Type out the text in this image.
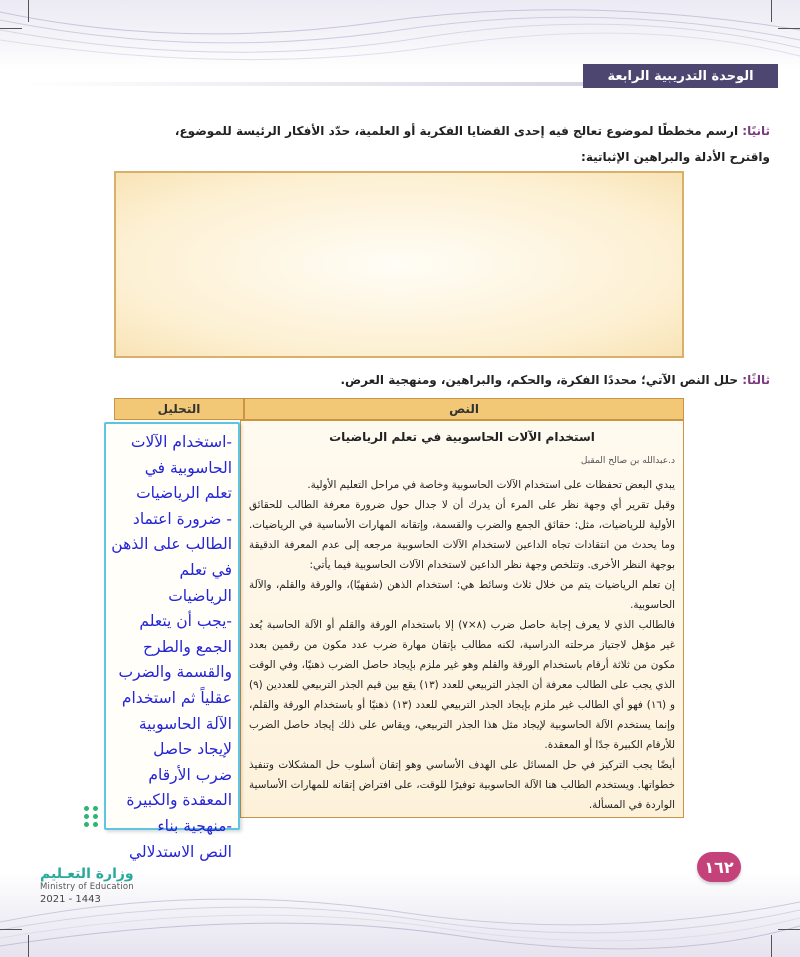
الوحدة التدريبية الرابعة
ثانيًا: ارسم مخططًا لموضوع تعالج فيه إحدى القضايا الفكرية أو العلمية، حدّد الأفكار الرئيسة للموضوع،
واقترح الأدلة والبراهين الإثباتية:
ثالثًا: حلل النص الآتي؛ محددًا الفكرة، والحكم، والبراهين، ومنهجية العرض.
النص
التحليل

استخدام الآلات الحاسوبية في تعلم الرياضيات

د.عبدالله بن صالح المقبل

يبدي البعض تحفظات على استخدام الآلات الحاسوبية وخاصة في مراحل التعليم الأولية.

وقبل تقرير أي وجهة نظر على المرء أن يدرك أن لا جدال حول ضرورة معرفة الطالب للحقائق الأولية للرياضيات، مثل: حقائق الجمع والضرب والقسمة، وإتقانه المهارات الأساسية في الرياضيات. وما يحدث من انتقادات تجاه الداعين لاستخدام الآلات الحاسوبية مرجعه إلى عدم المعرفة الدقيقة بوجهة النظر الأخرى. وتتلخص وجهة نظر الداعين لاستخدام الآلات الحاسوبية فيما يأتي:

إن تعلم الرياضيات يتم من خلال ثلاث وسائط هي: استخدام الذهن (شفهيًا)، والورقة والقلم، والآلة الحاسوبية.

فالطالب الذي لا يعرف إجابة حاصل ضرب (٨×٧) إلا باستخدام الورقة والقلم أو الآلة الحاسبة يُعد غير مؤهل لاجتياز مرحلته الدراسية، لكنه مطالب بإتقان مهارة ضرب عدد مكون من رقمين بعدد مكون من ثلاثة أرقام باستخدام الورقة والقلم وهو غير ملزم بإيجاد حاصل الضرب ذهنيًا، وفي الوقت الذي يجب على الطالب معرفة أن الجذر التربيعي للعدد (١٣) يقع بين قيم الجذر التربيعي للعددين (٩) و (١٦) فهو أي الطالب غير ملزم بإيجاد الجذر التربيعي للعدد (١٣) ذهنيًا أو باستخدام الورقة والقلم، وإنما يستخدم الآلة الحاسوبية لإيجاد مثل هذا الجذر التربيعي، ويقاس على ذلك إيجاد حاصل الضرب للأرقام الكبيرة جدًا أو المعقدة.

أيضًا يجب التركيز في حل المسائل على الهدف الأساسي وهو إتقان أسلوب حل المشكلات وتنفيذ خطواتها. ويستخدم الطالب هنا الآلة الحاسوبية توفيرًا للوقت، على افتراض إتقانه للمهارات الأساسية الواردة في المسألة.

-استخدام الآلات

الحاسوبية في

تعلم الرياضيات

- ضرورة اعتماد

الطالب على الذهن

في تعلم

الرياضيات

-يجب أن يتعلم

الجمع والطرح

والقسمة والضرب

عقلياً ثم استخدام

الآلة الحاسوبية

لإيجاد حاصل

ضرب الأرقام

المعقدة والكبيرة

-منهجية بناء

النص الاستدلالي

وزارة التعـليم
Ministry of Education
2021 - 1443
١٦٢
